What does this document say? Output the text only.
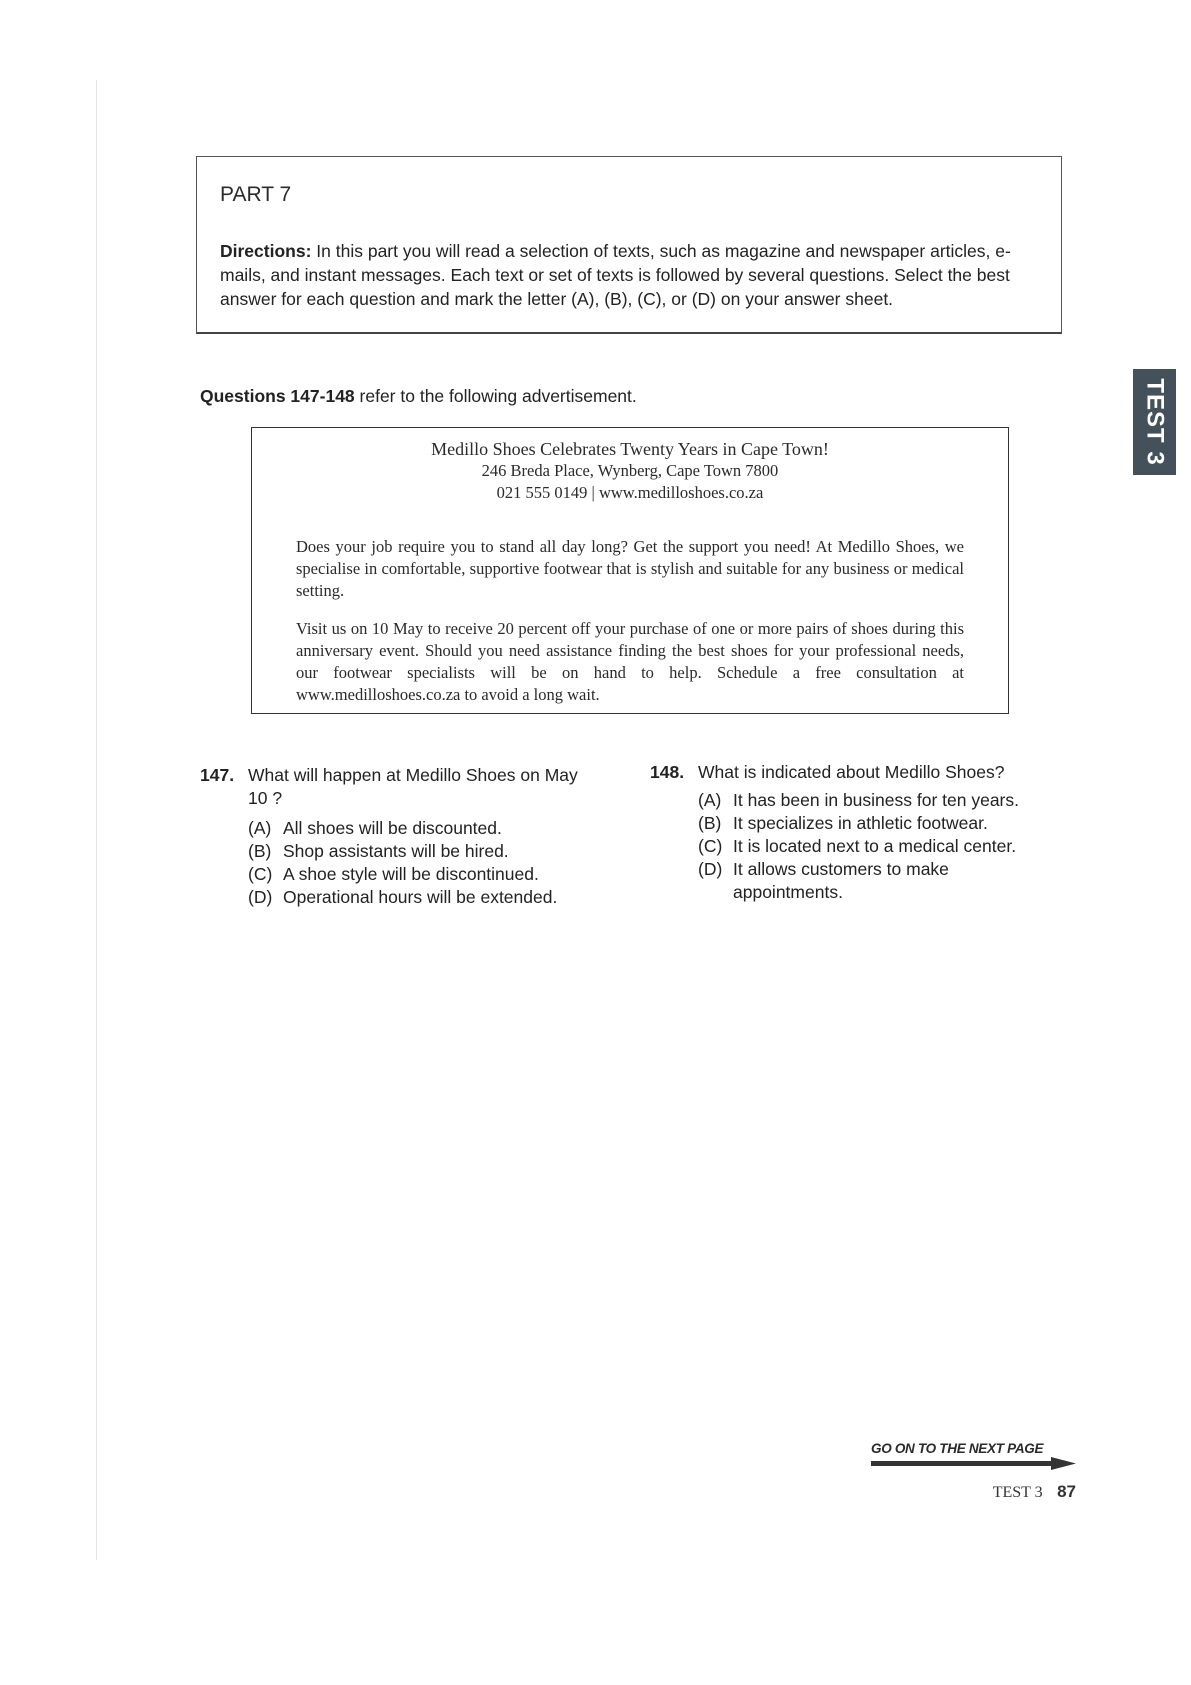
PART 7
Directions: In this part you will read a selection of texts, such as magazine and newspaper articles, e-mails, and instant messages. Each text or set of texts is followed by several questions. Select the best answer for each question and mark the letter (A), (B), (C), or (D) on your answer sheet.
TEST 3
Questions 147-148 refer to the following advertisement.
Medillo Shoes Celebrates Twenty Years in Cape Town!
246 Breda Place, Wynberg, Cape Town 7800
021 555 0149 | www.medilloshoes.co.za

Does your job require you to stand all day long? Get the support you need! At Medillo Shoes, we specialise in comfortable, supportive footwear that is stylish and suitable for any business or medical setting.

Visit us on 10 May to receive 20 percent off your purchase of one or more pairs of shoes during this anniversary event. Should you need assistance finding the best shoes for your professional needs, our footwear specialists will be on hand to help. Schedule a free consultation at www.medilloshoes.co.za to avoid a long wait.

147. What will happen at Medillo Shoes on May 10 ?
(A) All shoes will be discounted.
(B) Shop assistants will be hired.
(C) A shoe style will be discontinued.
(D) Operational hours will be extended.
148. What is indicated about Medillo Shoes?
(A) It has been in business for ten years.
(B) It specializes in athletic footwear.
(C) It is located next to a medical center.
(D) It allows customers to make appointments.
GO ON TO THE NEXT PAGE
TEST 3 87
